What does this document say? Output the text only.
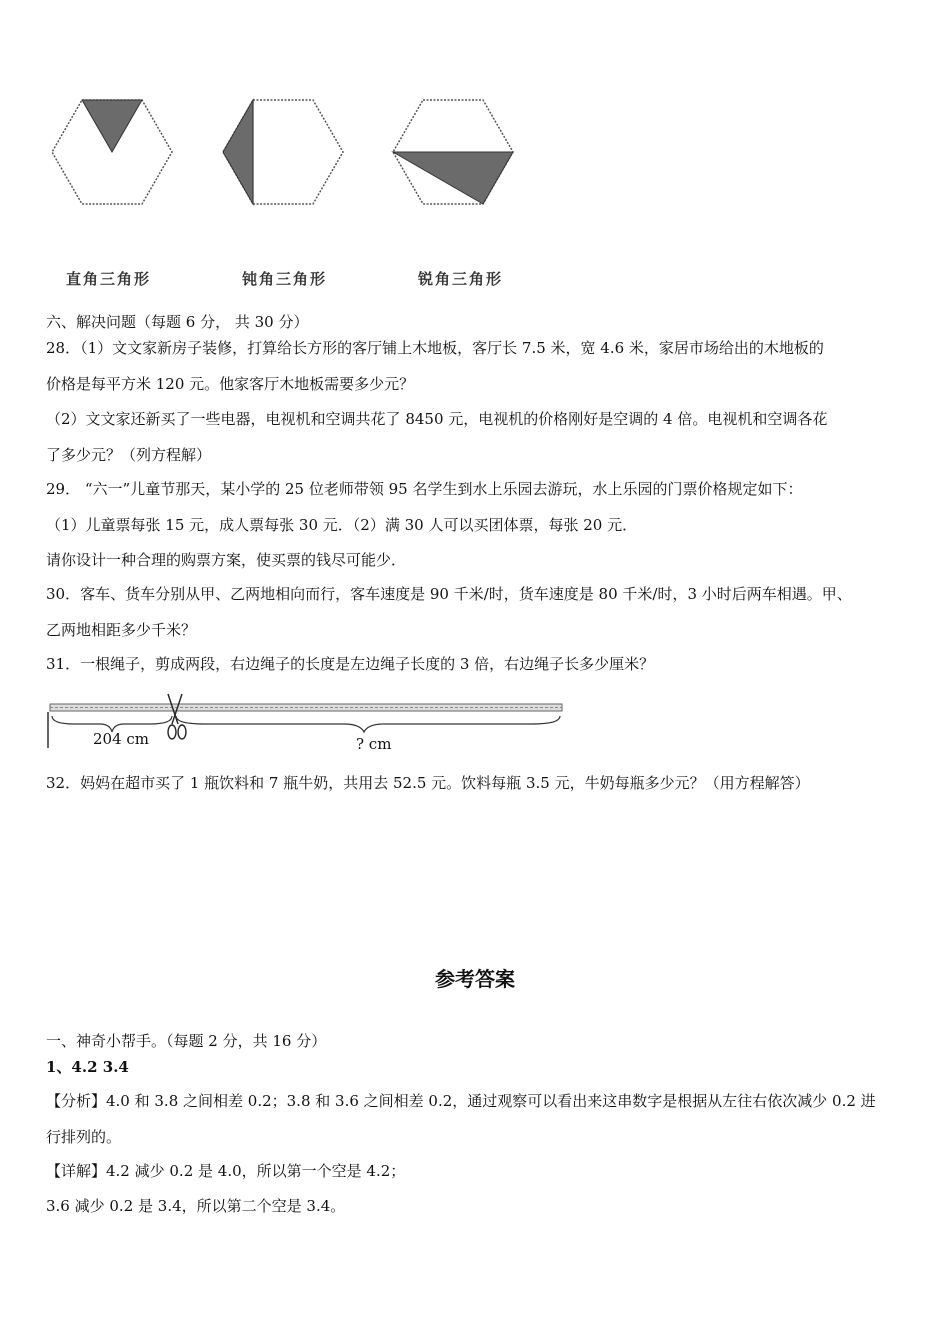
直角三角形	钝角三角形	锐角三角形
六、解决问题（每题 6 分， 共 30 分）
28．（1）文文家新房子装修，打算给长方形的客厅铺上木地板，客厅长 7.5 米，宽 4.6 米，家居市场给出的木地板的
价格是每平方米 120 元。他家客厅木地板需要多少元？
（2）文文家还新买了一些电器，电视机和空调共花了 8450 元，电视机的价格刚好是空调的 4 倍。电视机和空调各花
了多少元？（列方程解）
29． “六一”儿童节那天，某小学的 25 位老师带领 95 名学生到水上乐园去游玩，水上乐园的门票价格规定如下：
（1）儿童票每张 15 元，成人票每张 30 元．（2）满 30 人可以买团体票，每张 20 元．
请你设计一种合理的购票方案，使买票的钱尽可能少．
30．客车、货车分别从甲、乙两地相向而行，客车速度是 90 千米/时，货车速度是 80 千米/时，3 小时后两车相遇。甲、
乙两地相距多少千米？
31．一根绳子，剪成两段，右边绳子的长度是左边绳子长度的 3 倍，右边绳子长多少厘米？
204 cm	? cm
32．妈妈在超市买了 1 瓶饮料和 7 瓶牛奶，共用去 52.5 元。饮料每瓶 3.5 元，牛奶每瓶多少元？（用方程解答）
参考答案
一、神奇小帮手。（每题 2 分，共 16 分）
1、4.2 3.4
【分析】4.0 和 3.8 之间相差 0.2；3.8 和 3.6 之间相差 0.2，通过观察可以看出来这串数字是根据从左往右依次减少 0.2 进
行排列的。
【详解】4.2 减少 0.2 是 4.0，所以第一个空是 4.2；
3.6 减少 0.2 是 3.4，所以第二个空是 3.4。
